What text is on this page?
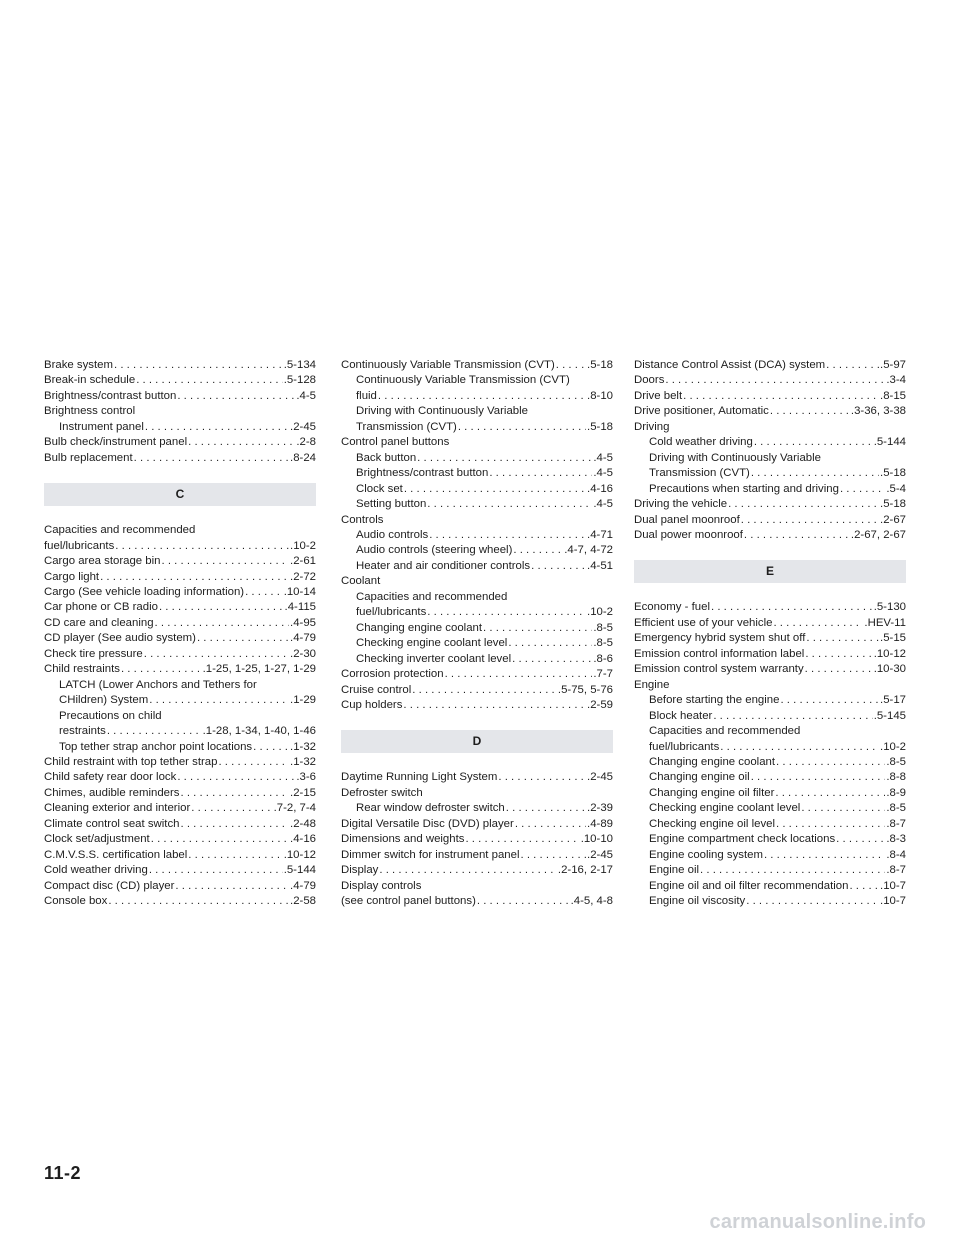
Brake system . . .	.5-134
Break-in schedule . . .	.5-128
Brightness/contrast button . . .	.4-5
Brightness control
Instrument panel . . .	.2-45
Bulb check/instrument panel . . .	.2-8
Bulb replacement . . .	.8-24
C
Capacities and recommended
fuel/lubricants . . .	.10-2
Cargo area storage bin . . .	.2-61
Cargo light . . .	.2-72
Cargo (See vehicle loading information) . . .	.10-14
Car phone or CB radio . . .	.4-115
CD care and cleaning . . .	.4-95
CD player (See audio system) . . .	.4-79
Check tire pressure . . .	.2-30
Child restraints . . .	.1-25, 1-25, 1-27, 1-29
LATCH (Lower Anchors and Tethers for
CHildren) System . . .	.1-29
Precautions on child
restraints . . .	.1-28, 1-34, 1-40, 1-46
Top tether strap anchor point locations . . .	.1-32
Child restraint with top tether strap . . .	.1-32
Child safety rear door lock . . .	.3-6
Chimes, audible reminders . . .	.2-15
Cleaning exterior and interior . . .	.7-2, 7-4
Climate control seat switch . . .	.2-48
Clock set/adjustment . . .	.4-16
C.M.V.S.S. certification label . . .	.10-12
Cold weather driving . . .	.5-144
Compact disc (CD) player . . .	.4-79
Console box . . .	.2-58
Continuously Variable Transmission (CVT) . . .	.5-18
Continuously Variable Transmission (CVT)
fluid . . .	.8-10
Driving with Continuously Variable
Transmission (CVT) . . .	.5-18
Control panel buttons
Back button . . .	.4-5
Brightness/contrast button . . .	.4-5
Clock set . . .	.4-16
Setting button . . .	.4-5
Controls
Audio controls . . .	.4-71
Audio controls (steering wheel) . . .	.4-7, 4-72
Heater and air conditioner controls . . .	.4-51
Coolant
Capacities and recommended
fuel/lubricants . . .	.10-2
Changing engine coolant . . .	.8-5
Checking engine coolant level . . .	.8-5
Checking inverter coolant level . . .	.8-6
Corrosion protection . . .	.7-7
Cruise control . . .	.5-75, 5-76
Cup holders . . .	.2-59
D
Daytime Running Light System . . .	.2-45
Defroster switch
Rear window defroster switch . . .	.2-39
Digital Versatile Disc (DVD) player . . .	.4-89
Dimensions and weights . . .	.10-10
Dimmer switch for instrument panel . . .	.2-45
Display . . .	.2-16, 2-17
Display controls
(see control panel buttons) . . .	.4-5, 4-8
Distance Control Assist (DCA) system . . .	.5-97
Doors . . .	.3-4
Drive belt . . .	.8-15
Drive positioner, Automatic . . .	.3-36, 3-38
Driving
Cold weather driving . . .	.5-144
Driving with Continuously Variable
Transmission (CVT) . . .	.5-18
Precautions when starting and driving . . .	.5-4
Driving the vehicle . . .	.5-18
Dual panel moonroof . . .	.2-67
Dual power moonroof . . .	.2-67, 2-67
E
Economy - fuel . . .	.5-130
Efficient use of your vehicle . . .	.HEV-11
Emergency hybrid system shut off . . .	.5-15
Emission control information label . . .	.10-12
Emission control system warranty . . .	.10-30
Engine
Before starting the engine . . .	.5-17
Block heater . . .	.5-145
Capacities and recommended
fuel/lubricants . . .	.10-2
Changing engine coolant . . .	.8-5
Changing engine oil . . .	.8-8
Changing engine oil filter . . .	.8-9
Checking engine coolant level . . .	.8-5
Checking engine oil level . . .	.8-7
Engine compartment check locations . . .	.8-3
Engine cooling system . . .	.8-4
Engine oil . . .	.8-7
Engine oil and oil filter recommendation . . .	.10-7
Engine oil viscosity . . .	.10-7
11-2
carmanualsonline.info
